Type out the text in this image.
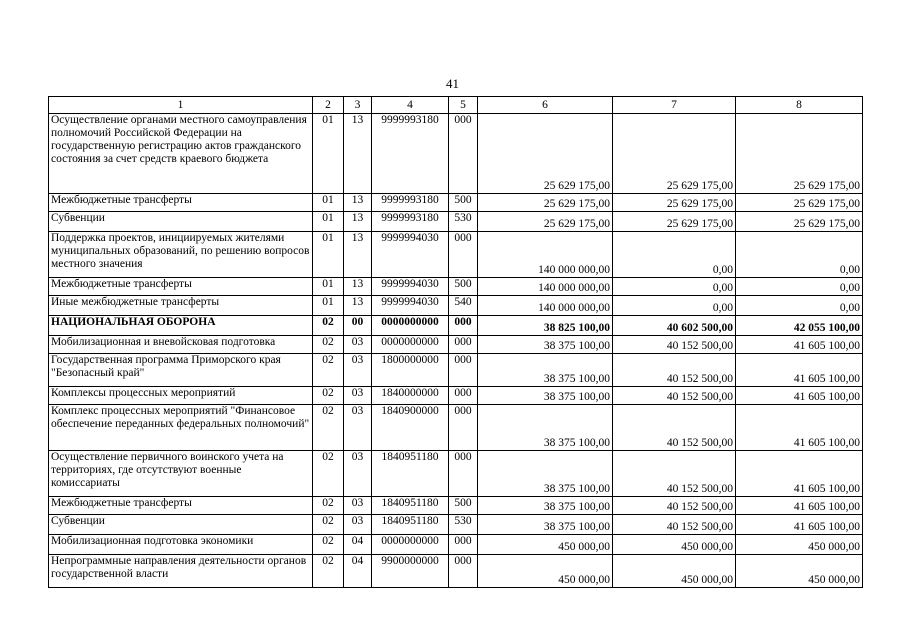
41
1	2	3	4	5	6	7	8
Осуществление органами местного самоуправления полномочий Российской Федерации на государственную регистрацию актов гражданского состояния за счет средств краевого бюджета	01	13	9999993180	000	25 629 175,00	25 629 175,00	25 629 175,00
Межбюджетные трансферты	01	13	9999993180	500	25 629 175,00	25 629 175,00	25 629 175,00
Субвенции	01	13	9999993180	530	25 629 175,00	25 629 175,00	25 629 175,00
Поддержка проектов, инициируемых жителями муниципальных образований, по решению вопросов местного значения	01	13	9999994030	000	140 000 000,00	0,00	0,00
Межбюджетные трансферты	01	13	9999994030	500	140 000 000,00	0,00	0,00
Иные межбюджетные трансферты	01	13	9999994030	540	140 000 000,00	0,00	0,00
НАЦИОНАЛЬНАЯ ОБОРОНА	02	00	0000000000	000	38 825 100,00	40 602 500,00	42 055 100,00
Мобилизационная и вневойсковая подготовка	02	03	0000000000	000	38 375 100,00	40 152 500,00	41 605 100,00
Государственная программа Приморского края "Безопасный край"	02	03	1800000000	000	38 375 100,00	40 152 500,00	41 605 100,00
Комплексы процессных мероприятий	02	03	1840000000	000	38 375 100,00	40 152 500,00	41 605 100,00
Комплекс процессных мероприятий "Финансовое обеспечение переданных федеральных полномочий"	02	03	1840900000	000	38 375 100,00	40 152 500,00	41 605 100,00
Осуществление первичного воинского учета на территориях, где отсутствуют военные комиссариаты	02	03	1840951180	000	38 375 100,00	40 152 500,00	41 605 100,00
Межбюджетные трансферты	02	03	1840951180	500	38 375 100,00	40 152 500,00	41 605 100,00
Субвенции	02	03	1840951180	530	38 375 100,00	40 152 500,00	41 605 100,00
Мобилизационная подготовка экономики	02	04	0000000000	000	450 000,00	450 000,00	450 000,00
Непрограммные направления деятельности органов государственной власти	02	04	9900000000	000	450 000,00	450 000,00	450 000,00
